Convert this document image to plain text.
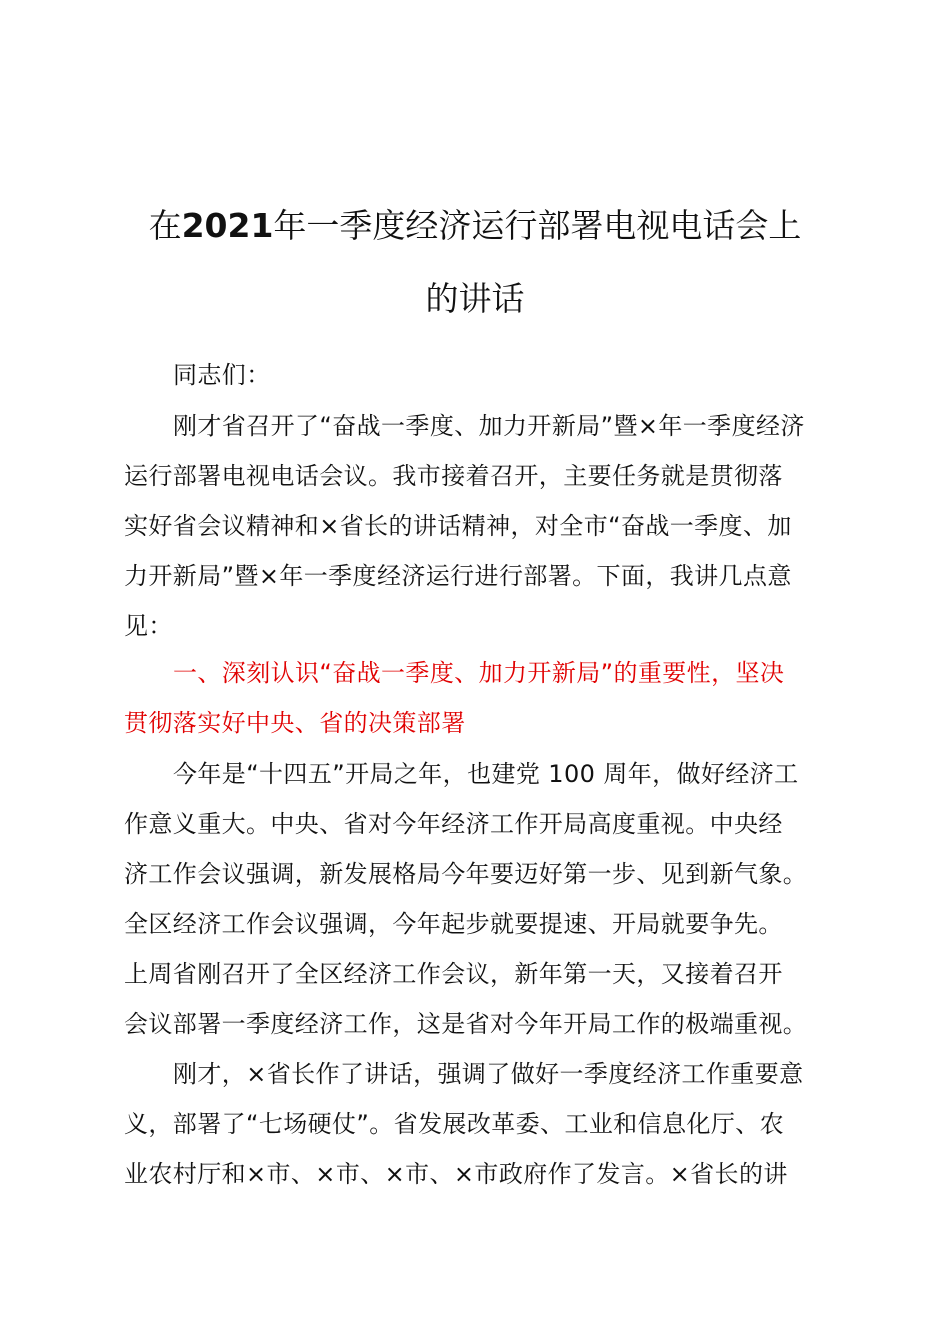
在2021年一季度经济运行部署电视电话会上
的讲话

同志们：

刚才省召开了“奋战一季度、加力开新局”暨×年一季度经济

运行部署电视电话会议。我市接着召开，主要任务就是贯彻落

实好省会议精神和×省长的讲话精神，对全市“奋战一季度、加

力开新局”暨×年一季度经济运行进行部署。下面，我讲几点意

见：

一、深刻认识“奋战一季度、加力开新局”的重要性，坚决

贯彻落实好中央、省的决策部署

今年是“十四五”开局之年，也建党 100 周年，做好经济工

作意义重大。中央、省对今年经济工作开局高度重视。中央经

济工作会议强调，新发展格局今年要迈好第一步、见到新气象。

全区经济工作会议强调，今年起步就要提速、开局就要争先。

上周省刚召开了全区经济工作会议，新年第一天，又接着召开

会议部署一季度经济工作，这是省对今年开局工作的极端重视。

刚才，×省长作了讲话，强调了做好一季度经济工作重要意

义，部署了“七场硬仗”。省发展改革委、工业和信息化厅、农

业农村厅和×市、×市、×市、×市政府作了发言。×省长的讲
